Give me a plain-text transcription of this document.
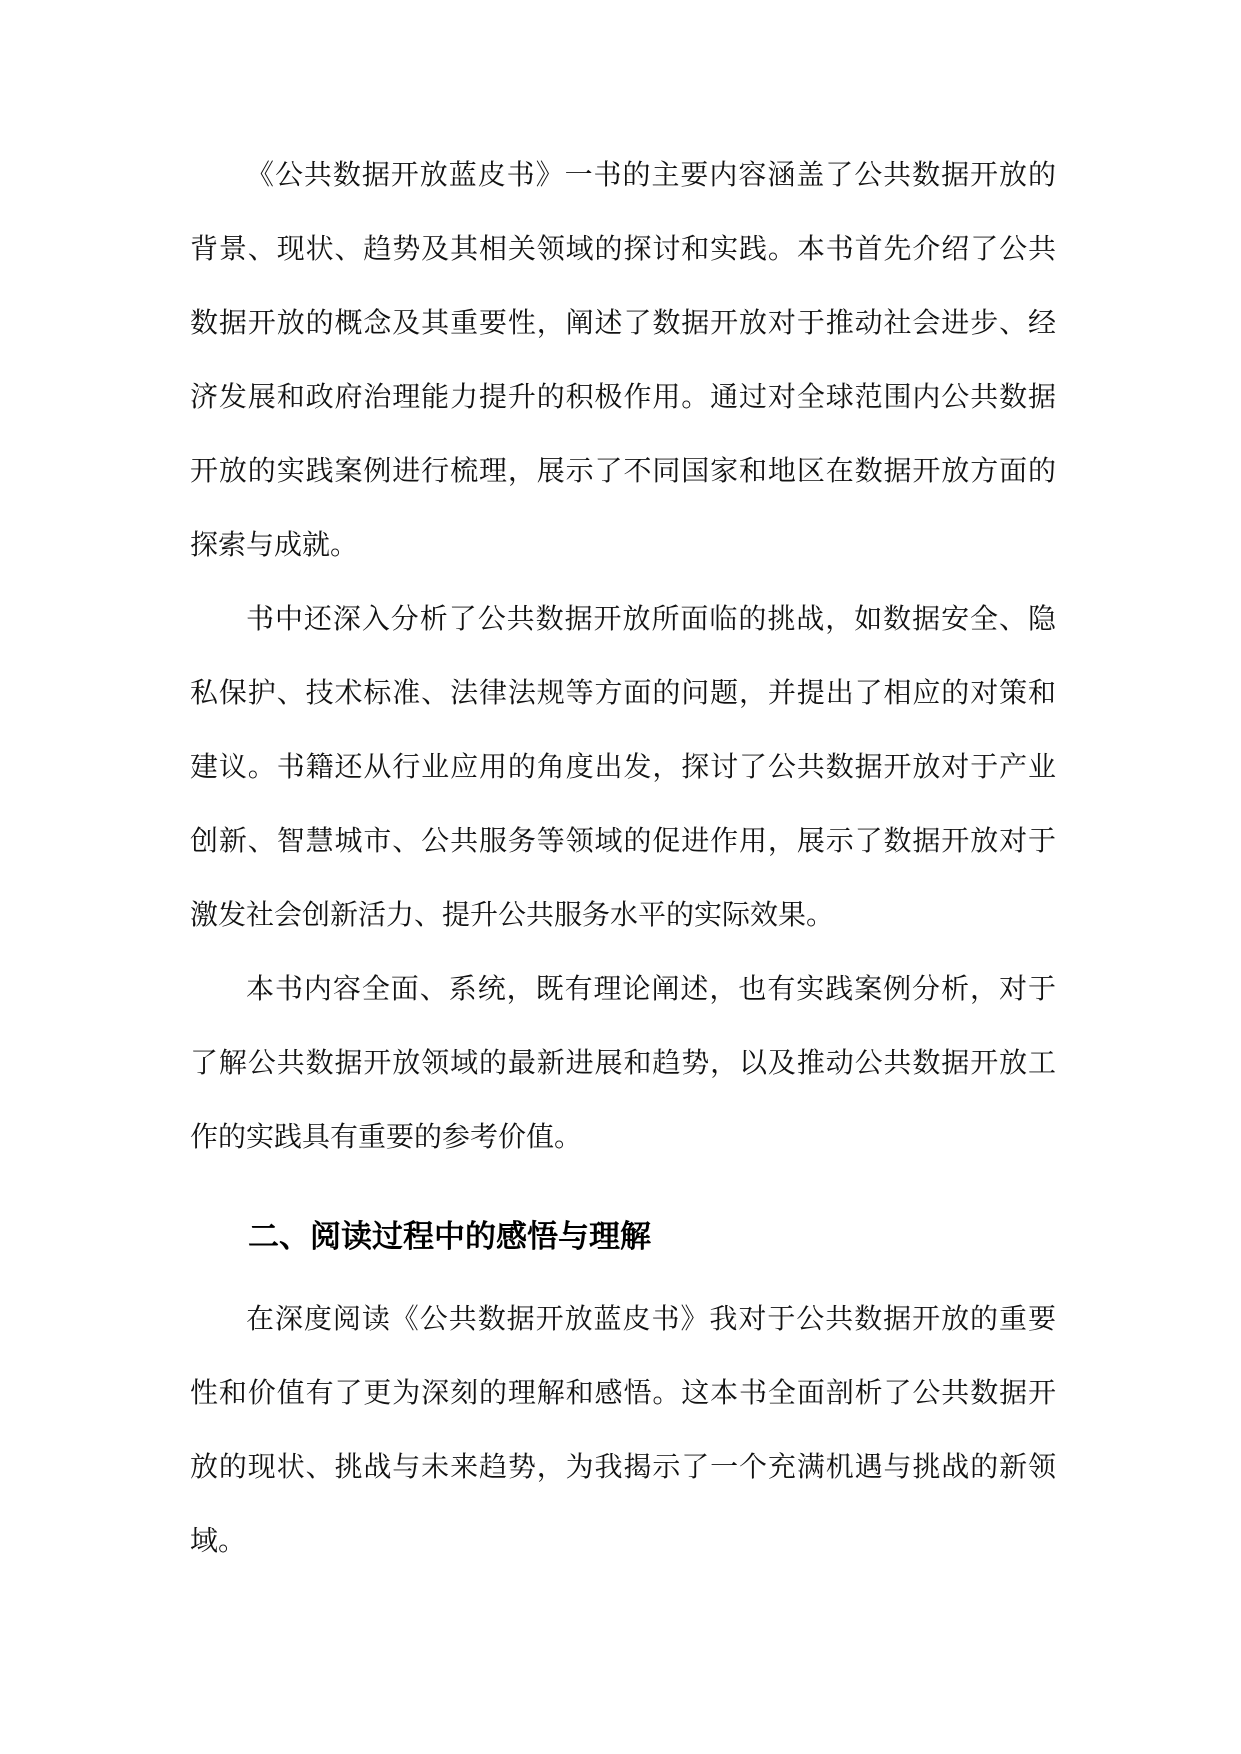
《公共数据开放蓝皮书》一书的主要内容涵盖了公共数据开放的背景、现状、趋势及其相关领域的探讨和实践。本书首先介绍了公共数据开放的概念及其重要性，阐述了数据开放对于推动社会进步、经济发展和政府治理能力提升的积极作用。通过对全球范围内公共数据开放的实践案例进行梳理，展示了不同国家和地区在数据开放方面的探索与成就。

书中还深入分析了公共数据开放所面临的挑战，如数据安全、隐私保护、技术标准、法律法规等方面的问题，并提出了相应的对策和建议。书籍还从行业应用的角度出发，探讨了公共数据开放对于产业创新、智慧城市、公共服务等领域的促进作用，展示了数据开放对于激发社会创新活力、提升公共服务水平的实际效果。

本书内容全面、系统，既有理论阐述，也有实践案例分析，对于了解公共数据开放领域的最新进展和趋势，以及推动公共数据开放工作的实践具有重要的参考价值。

二、阅读过程中的感悟与理解

在深度阅读《公共数据开放蓝皮书》我对于公共数据开放的重要性和价值有了更为深刻的理解和感悟。这本书全面剖析了公共数据开放的现状、挑战与未来趋势，为我揭示了一个充满机遇与挑战的新领域。
